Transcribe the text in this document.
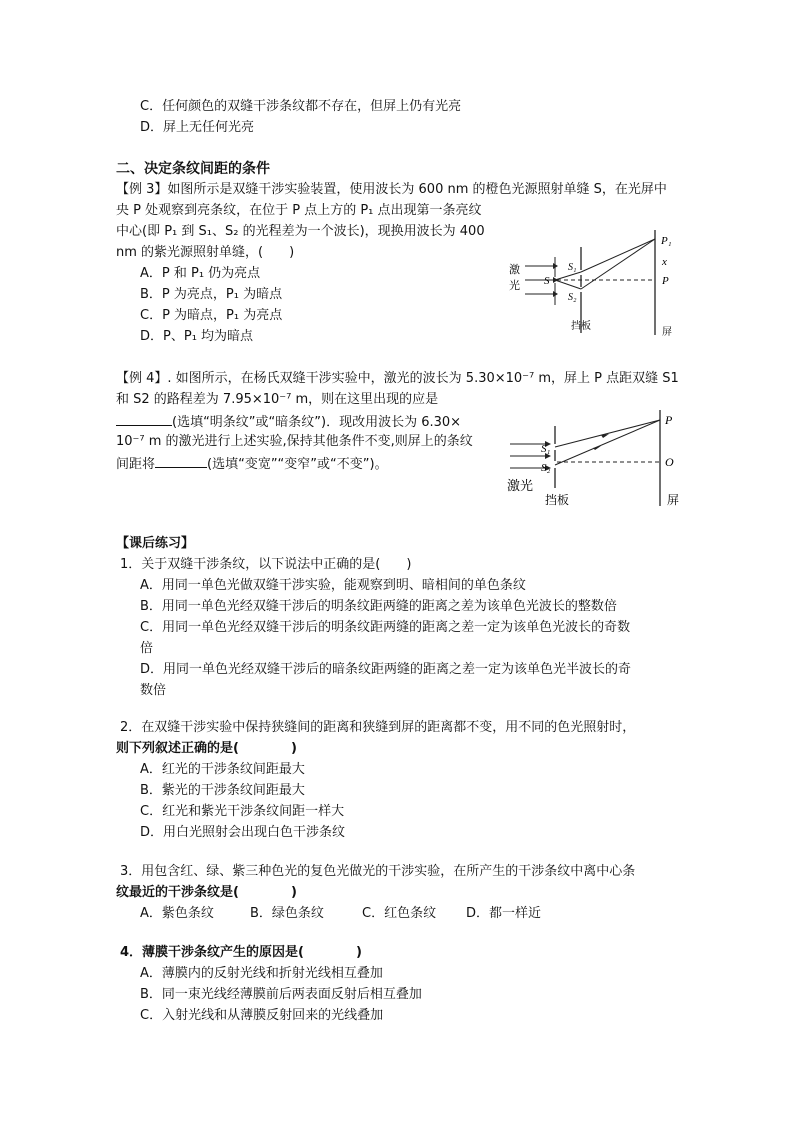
C．任何颜色的双缝干涉条纹都不存在，但屏上仍有光亮
D．屏上无任何光亮
二、决定条纹间距的条件
【例 3】如图所示是双缝干涉实验装置，使用波长为 600 nm 的橙色光源照射单缝 S，在光屏中
央 P 处观察到亮条纹，在位于 P 点上方的 P₁ 点出现第一条亮纹
中心(即 P₁ 到 S₁、S₂ 的光程差为一个波长)，现换用波长为 400
nm 的紫光源照射单缝，(　　)
A．P 和 P₁ 仍为亮点
B．P 为亮点，P₁ 为暗点
C．P 为暗点，P₁ 为亮点
D．P、P₁ 均为暗点
激
光 S
S₁
S₂
P₁
x
P
挡板
屏
【例 4】. 如图所示，在杨氏双缝干涉实验中，激光的波长为 5.30×10⁻⁷ m，屏上 P 点距双缝 S1
和 S2 的路程差为 7.95×10⁻⁷ m，则在这里出现的应是
(选填“明条纹”或“暗条纹”)．现改用波长为 6.30×
10⁻⁷ m 的激光进行上述实验,保持其他条件不变,则屏上的条纹
间距将	(选填“变宽”“变窄”或“不变”)。
S₁
S₂
P
O
激光
挡板	屏
【课后练习】
1．关于双缝干涉条纹，以下说法中正确的是(　　)
A．用同一单色光做双缝干涉实验，能观察到明、暗相间的单色条纹
B．用同一单色光经双缝干涉后的明条纹距两缝的距离之差为该单色光波长的整数倍
C．用同一单色光经双缝干涉后的明条纹距两缝的距离之差一定为该单色光波长的奇数
倍
D．用同一单色光经双缝干涉后的暗条纹距两缝的距离之差一定为该单色光半波长的奇
数倍
2．在双缝干涉实验中保持狭缝间的距离和狭缝到屏的距离都不变，用不同的色光照射时，
则下列叙述正确的是(　　　　)
A．红光的干涉条纹间距最大
B．紫光的干涉条纹间距最大
C．红光和紫光干涉条纹间距一样大
D．用白光照射会出现白色干涉条纹
3．用包含红、绿、紫三种色光的复色光做光的干涉实验，在所产生的干涉条纹中离中心条
纹最近的干涉条纹是(　　　　)
A．紫色条纹	B．绿色条纹	C．红色条纹 D．都一样近
4．薄膜干涉条纹产生的原因是(　　　　)
A．薄膜内的反射光线和折射光线相互叠加
B．同一束光线经薄膜前后两表面反射后相互叠加
C．入射光线和从薄膜反射回来的光线叠加
